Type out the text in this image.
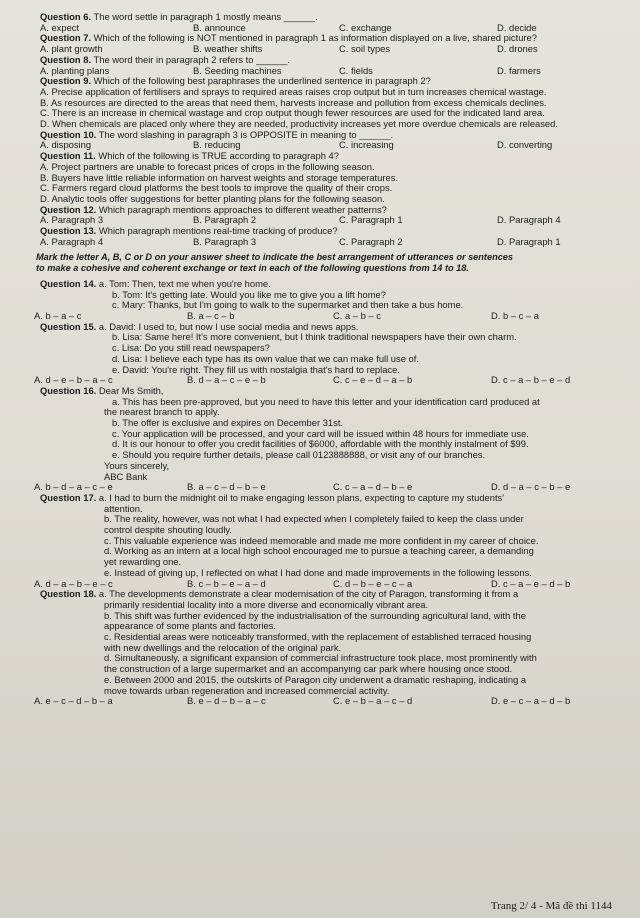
Question 6. The word settle in paragraph 1 mostly means ______.
A. expect	B. announce	C. exchange	D. decide
Question 7. Which of the following is NOT mentioned in paragraph 1 as information displayed on a live, shared picture?
A. plant growth	B. weather shifts	C. soil types	D. drones
Question 8. The word their in paragraph 2 refers to ______.
A. planting plans	B. Seeding machines	C. fields	D. farmers
Question 9. Which of the following best paraphrases the underlined sentence in paragraph 2?
A. Precise application of fertilisers and sprays to required areas raises crop output but in turn increases chemical wastage.
B. As resources are directed to the areas that need them, harvests increase and pollution from excess chemicals declines.
C. There is an increase in chemical wastage and crop output though fewer resources are used for the indicated land area.
D. When chemicals are placed only where they are needed, productivity increases yet more overdue chemicals are released.
Question 10. The word slashing in paragraph 3 is OPPOSITE in meaning to ______.
A. disposing	B. reducing	C. increasing	D. converting
Question 11. Which of the following is TRUE according to paragraph 4?
A. Project partners are unable to forecast prices of crops in the following season.
B. Buyers have little reliable information on harvest weights and storage temperatures.
C. Farmers regard cloud platforms the best tools to improve the quality of their crops.
D. Analytic tools offer suggestions for better planting plans for the following season.
Question 12. Which paragraph mentions approaches to different weather patterns?
A. Paragraph 3	B. Paragraph 2	C. Paragraph 1	D. Paragraph 4
Question 13. Which paragraph mentions real-time tracking of produce?
A. Paragraph 4	B. Paragraph 3	C. Paragraph 2	D. Paragraph 1
Mark the letter A, B, C or D on your answer sheet to indicate the best arrangement of utterances or sentences
to make a cohesive and coherent exchange or text in each of the following questions from 14 to 18.
Question 14. a. Tom: Then, text me when you're home.
b. Tom: It's getting late. Would you like me to give you a lift home?
c. Mary: Thanks, but I'm going to walk to the supermarket and then take a bus home.
A. b – a – c	B. a – c – b	C. a – b – c	D. b – c – a
Question 15. a. David: I used to, but now I use social media and news apps.
b. Lisa: Same here! It's more convenient, but I think traditional newspapers have their own charm.
c. Lisa: Do you still read newspapers?
d. Lisa: I believe each type has its own value that we can make full use of.
e. David: You're right. They fill us with nostalgia that's hard to replace.
A. d – e – b – a – c	B. d – a – c – e – b	C. c – e – d – a – b	D. c – a – b – e – d
Question 16. Dear Ms Smith,
a. This has been pre-approved, but you need to have this letter and your identification card produced at
the nearest branch to apply.
b. The offer is exclusive and expires on December 31st.
c. Your application will be processed, and your card will be issued within 48 hours for immediate use.
d. It is our honour to offer you credit facilities of $6000, affordable with the monthly instalment of $99.
e. Should you require further details, please call 0123888888, or visit any of our branches.
Yours sincerely,
ABC Bank
A. b – d – a – c – e	B. a – c – d – b – e	C. c – a – d – b – e	D. d – a – c – b – e
Question 17. a. I had to burn the midnight oil to make engaging lesson plans, expecting to capture my students'
attention.
b. The reality, however, was not what I had expected when I completely failed to keep the class under
control despite shouting loudly.
c. This valuable experience was indeed memorable and made me more confident in my career of choice.
d. Working as an intern at a local high school encouraged me to pursue a teaching career, a demanding
yet rewarding one.
e. Instead of giving up, I reflected on what I had done and made improvements in the following lessons.
A. d – a – b – e – c	B. c – b – e – a – d	C. d – b – e – c – a	D. c – a – e – d – b
Question 18. a. The developments demonstrate a clear modernisation of the city of Paragon, transforming it from a
primarily residential locality into a more diverse and economically vibrant area.
b. This shift was further evidenced by the industrialisation of the surrounding agricultural land, with the
appearance of some plants and factories.
c. Residential areas were noticeably transformed, with the replacement of established terraced housing
with new dwellings and the relocation of the original park.
d. Simultaneously, a significant expansion of commercial infrastructure took place, most prominently with
the construction of a large supermarket and an accompanying car park where housing once stood.
e. Between 2000 and 2015, the outskirts of Paragon city underwent a dramatic reshaping, indicating a
move towards urban regeneration and increased commercial activity.
A. e – c – d – b – a	B. e – d – b – a – c	C. e – b – a – c – d	D. e – c – a – d – b
Trang 2/ 4 - Mã đề thi 1144
